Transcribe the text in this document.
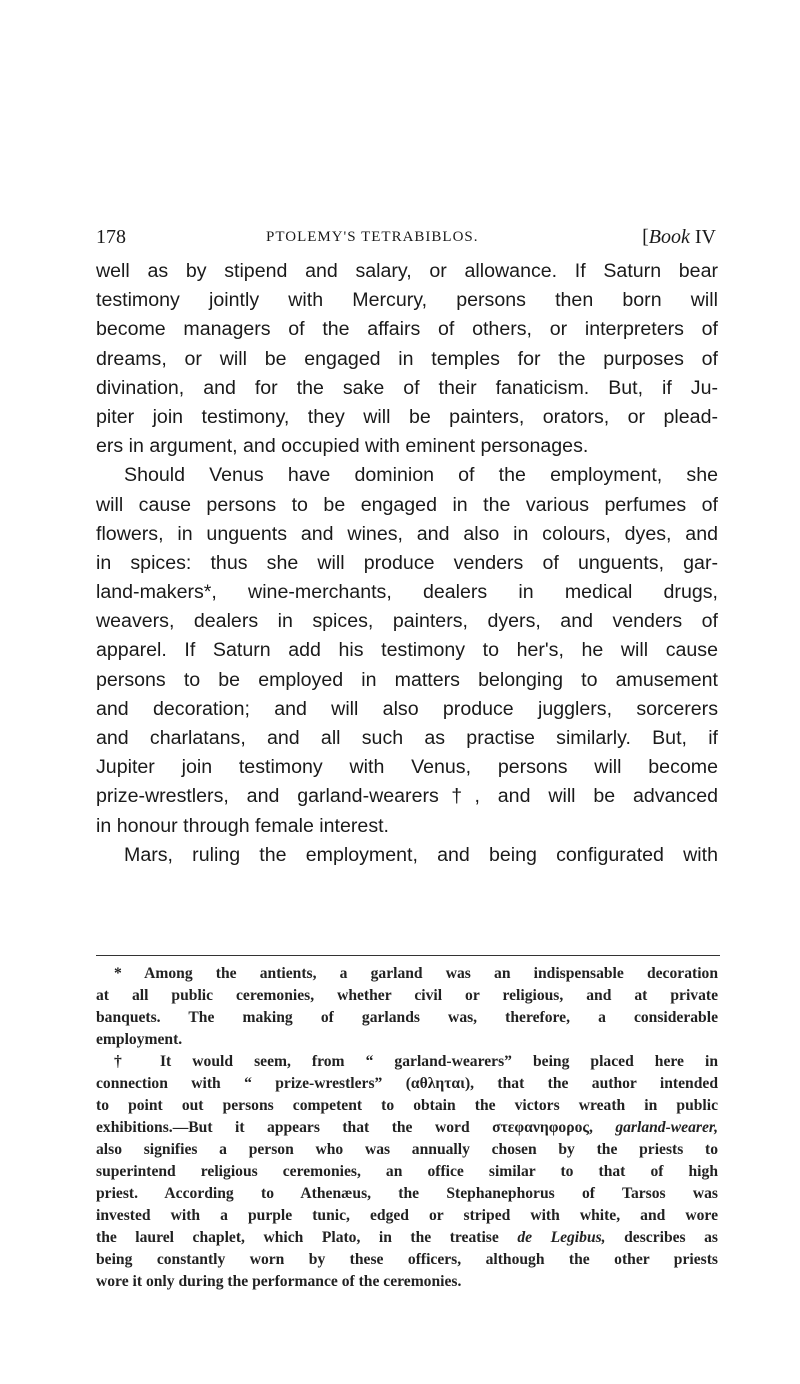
178	PTOLEMY'S TETRABIBLOS.	[Book IV
well as by stipend and salary, or allowance. If Saturn bear
testimony jointly with Mercury, persons then born will
become managers of the affairs of others, or interpreters of
dreams, or will be engaged in temples for the purposes of
divination, and for the sake of their fanaticism. But, if Ju-
piter join testimony, they will be painters, orators, or plead-
ers in argument, and occupied with eminent personages.
Should Venus have dominion of the employment, she
will cause persons to be engaged in the various perfumes of
flowers, in unguents and wines, and also in colours, dyes, and
in spices: thus she will produce venders of unguents, gar-
land-makers*, wine-merchants, dealers in medical drugs,
weavers, dealers in spices, painters, dyers, and venders of
apparel. If Saturn add his testimony to her's, he will cause
persons to be employed in matters belonging to amusement
and decoration; and will also produce jugglers, sorcerers
and charlatans, and all such as practise similarly. But, if
Jupiter join testimony with Venus, persons will become
prize-wrestlers, and garland-wearers†, and will be advanced
in honour through female interest.
Mars, ruling the employment, and being configurated with
* Among the antients, a garland was an indispensable decoration
at all public ceremonies, whether civil or religious, and at private
banquets. The making of garlands was, therefore, a considerable
employment.
† It would seem, from “ garland-wearers” being placed here in
connection with “ prize-wrestlers” (αθληται), that the author intended
to point out persons competent to obtain the victors wreath in public
exhibitions.—But it appears that the word στεφανηφορος, garland-wearer,
also signifies a person who was annually chosen by the priests to
superintend religious ceremonies, an office similar to that of high
priest. According to Athenæus, the Stephanephorus of Tarsos was
invested with a purple tunic, edged or striped with white, and wore
the laurel chaplet, which Plato, in the treatise de Legibus, describes as
being constantly worn by these officers, although the other priests
wore it only during the performance of the ceremonies.
